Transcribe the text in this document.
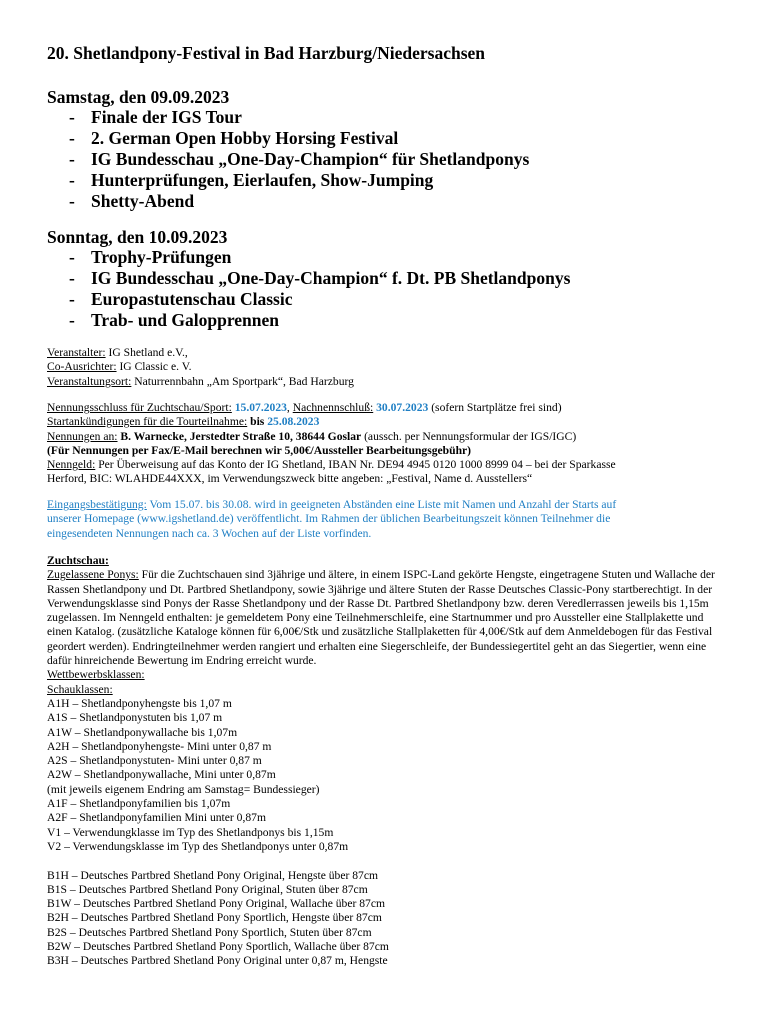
20. Shetlandpony-Festival in Bad Harzburg/Niedersachsen
Samstag, den 09.09.2023
- Finale der IGS Tour
- 2. German Open Hobby Horsing Festival
- IG Bundesschau „One-Day-Champion“ für Shetlandponys
- Hunterprüfungen, Eierlaufen, Show-Jumping
- Shetty-Abend
Sonntag, den 10.09.2023
- Trophy-Prüfungen
- IG Bundesschau „One-Day-Champion“ f. Dt. PB Shetlandponys
- Europastutenschau Classic
- Trab- und Galopprennen
Veranstalter: IG Shetland e.V.,
Co-Ausrichter: IG Classic e. V.
Veranstaltungsort: Naturrennbahn „Am Sportpark“, Bad Harzburg
Nennungsschluss für Zuchtschau/Sport: 15.07.2023, Nachnennschluß: 30.07.2023 (sofern Startplätze frei sind)
Startankündigungen für die Tourteilnahme: bis 25.08.2023
Nennungen an: B. Warnecke, Jerstedter Straße 10, 38644 Goslar (aussch. per Nennungsformular der IGS/IGC)
(Für Nennungen per Fax/E-Mail berechnen wir 5,00€/Aussteller Bearbeitungsgebühr)
Nenngeld: Per Überweisung auf das Konto der IG Shetland, IBAN Nr. DE94 4945 0120 1000 8999 04 – bei der Sparkasse
Herford, BIC: WLAHDE44XXX, im Verwendungszweck bitte angeben: „Festival, Name d. Ausstellers“
Eingangsbestätigung: Vom 15.07. bis 30.08. wird in geeigneten Abständen eine Liste mit Namen und Anzahl der Starts auf
unserer Homepage (www.igshetland.de) veröffentlicht. Im Rahmen der üblichen Bearbeitungszeit können Teilnehmer die
eingesendeten Nennungen nach ca. 3 Wochen auf der Liste vorfinden.
Zuchtschau:
Zugelassene Ponys: Für die Zuchtschauen sind 3jährige und ältere, in einem ISPC-Land gekörte Hengste, eingetragene Stuten und Wallache der Rassen Shetlandpony und Dt. Partbred Shetlandpony, sowie 3jährige und ältere Stuten der Rasse Deutsches Classic-Pony startberechtigt. In der Verwendungsklasse sind Ponys der Rasse Shetlandpony und der Rasse Dt. Partbred Shetlandpony bzw. deren Veredlerrassen jeweils bis 1,15m zugelassen. Im Nenngeld enthalten: je gemeldetem Pony eine Teilnehmerschleife, eine Startnummer und pro Aussteller eine Stallplakette und einen Katalog. (zusätzliche Kataloge können für 6,00€/Stk und zusätzliche Stallplaketten für 4,00€/Stk auf dem Anmeldebogen für das Festival geordert werden). Endringteilnehmer werden rangiert und erhalten eine Siegerschleife, der Bundessiegertitel geht an das Siegertier, wenn eine dafür hinreichende Bewertung im Endring erreicht wurde.
Wettbewerbsklassen:
Schauklassen:
A1H – Shetlandponyhengste bis 1,07 m
A1S – Shetlandponystuten bis 1,07 m
A1W – Shetlandponywallache bis 1,07m
A2H – Shetlandponyhengste- Mini unter 0,87 m
A2S – Shetlandponystuten- Mini unter 0,87 m
A2W – Shetlandponywallache, Mini unter 0,87m
(mit jeweils eigenem Endring am Samstag= Bundessieger)
A1F – Shetlandponyfamilien bis 1,07m
A2F – Shetlandponyfamilien Mini unter 0,87m
V1 – Verwendungklasse im Typ des Shetlandponys bis 1,15m
V2 – Verwendungsklasse im Typ des Shetlandponys unter 0,87m
B1H – Deutsches Partbred Shetland Pony Original, Hengste über 87cm
B1S – Deutsches Partbred Shetland Pony Original, Stuten über 87cm
B1W – Deutsches Partbred Shetland Pony Original, Wallache über 87cm
B2H – Deutsches Partbred Shetland Pony Sportlich, Hengste über 87cm
B2S – Deutsches Partbred Shetland Pony Sportlich, Stuten über 87cm
B2W – Deutsches Partbred Shetland Pony Sportlich, Wallache über 87cm
B3H – Deutsches Partbred Shetland Pony Original unter 0,87 m, Hengste
